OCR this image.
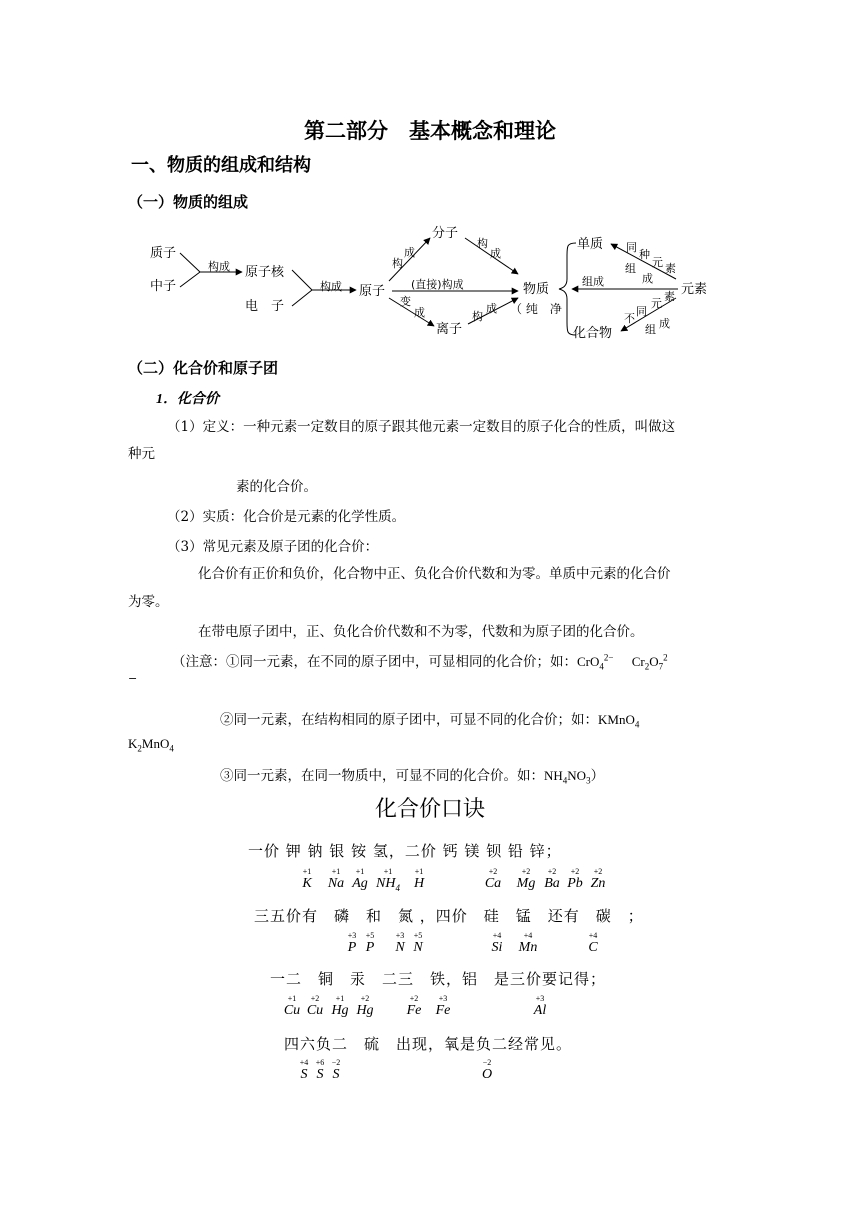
第二部分　基本概念和理论
一、物质的组成和结构
（一）物质的组成
质子
中子
原子核
电　子
原子
分子
离子
物质
（ 纯　净
单质
化合物
元素
构成
构成	(直接)构成
构
成
构
成
变
成	构
成
组成
同
种
元 素
组
成
不
同
元
素
组 成
（二）化合价和原子团
1．化合价
（1）定义：一种元素一定数目的原子跟其他元素一定数目的原子化合的性质，叫做这
种元
素的化合价。
（2）实质：化合价是元素的化学性质。
（3）常见元素及原子团的化合价：
化合价有正价和负价，化合物中正、负化合价代数和为零。单质中元素的化合价
为零。
在带电原子团中，正、负化合价代数和不为零，代数和为原子团的化合价。
（注意：①同一元素，在不同的原子团中，可显相同的化合价；如：CrO$_4^{2-}$ $Cr_2O_7^2$
−
②同一元素，在结构相同的原子团中，可显不同的化合价；如：KMnO$_4$
$K_2MnO_4$
③同一元素，在同一物质中，可显不同的化合价。如：$NH_4NO_3$）
化合价口诀
一价 钾 钠 银 铵 氢，二价 钙 镁 钡 铅 锌；
+1
K
+1
Na
+1
Ag
+1
$NH_4$
+1
H
+2
Ca
+2
Mg
+2
Ba
+2
Pb
+2
Zn
三五价有　磷　和　氮 ，四价　硅　锰　还有　碳　；
+3
P
+5
P
+3
N
+5
N
+4
Si
+4
Mn
+4
C
一二　铜　汞　二三　铁，铝　是三价要记得；
+1
Cu
+2
Cu
+1
Hg
+2
Hg
+2
Fe
+3
Fe
+3
Al
四六负二　硫　出现，氧是负二经常见。
+4
S
+6
S
−2
S
−2
O
